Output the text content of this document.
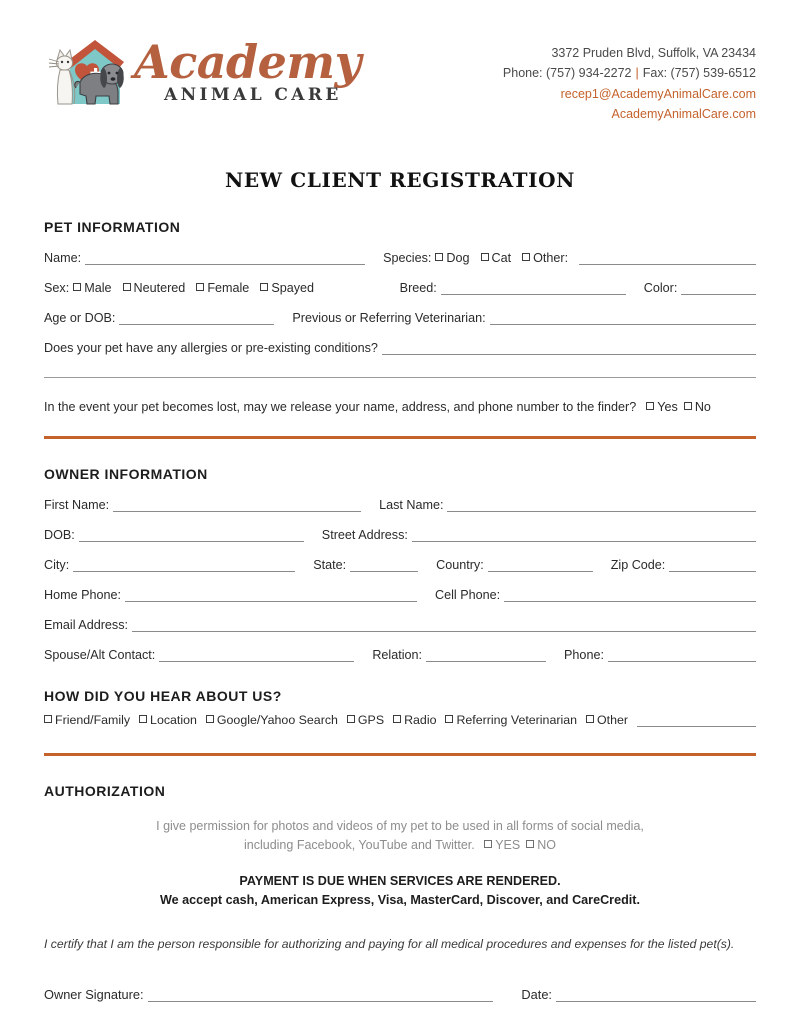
Academy
ANIMAL CARE
3372 Pruden Blvd, Suffolk, VA 23434
Phone: (757) 934-2272 | Fax: (757) 539-6512
recep1@AcademyAnimalCare.com
AcademyAnimalCare.com
NEW CLIENT REGISTRATION
PET INFORMATION
Name:	Species:	Dog Cat Other:
Sex:	Male Neutered Female Spayed	Breed:	Color:
Age or DOB:	Previous or Referring Veterinarian:
Does your pet have any allergies or pre-existing conditions?
In the event your pet becomes lost, may we release your name, address, and phone number to the finder?	Yes No
OWNER INFORMATION
First Name:	Last Name:
DOB:	Street Address:
City:	State:	Country:	Zip Code:
Home Phone:	Cell Phone:
Email Address:
Spouse/Alt Contact:	Relation:	Phone:
HOW DID YOU HEAR ABOUT US?
Friend/Family Location Google/Yahoo Search GPS Radio Referring Veterinarian Other
AUTHORIZATION
I give permission for photos and videos of my pet to be used in all forms of social media,
including Facebook, YouTube and Twitter. YES NO
PAYMENT IS DUE WHEN SERVICES ARE RENDERED.
We accept cash, American Express, Visa, MasterCard, Discover, and CareCredit.
I certify that I am the person responsible for authorizing and paying for all medical procedures and expenses for the listed pet(s).
Owner Signature:	Date:
